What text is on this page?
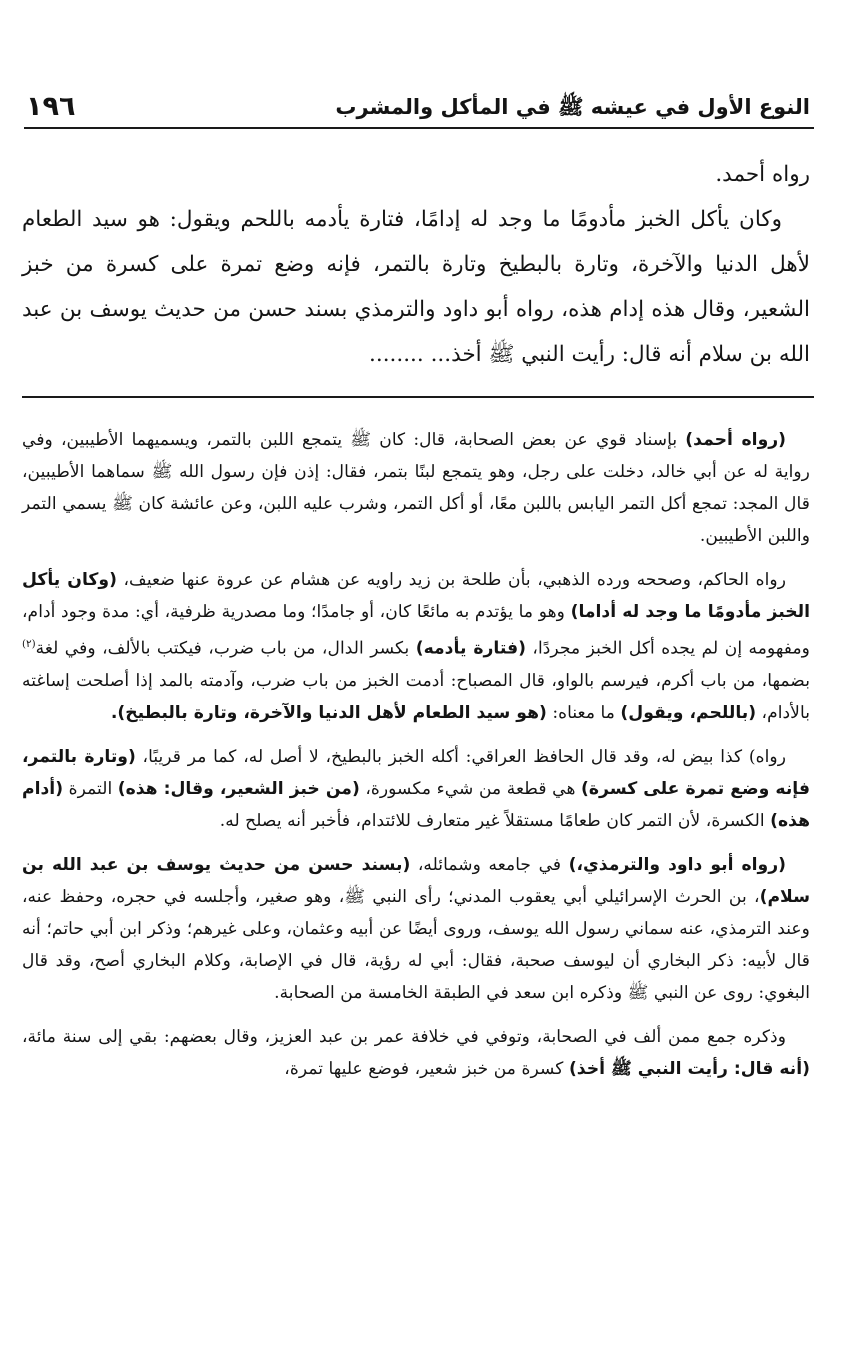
النوع الأول في عيشه ﷺ في المأكل والمشرب
١٩٦

رواه أحمد.

وكان يأكل الخبز مأدومًا ما وجد له إدامًا، فتارة يأدمه باللحم ويقول: هو سيد الطعام لأهل الدنيا والآخرة، وتارة بالبطيخ وتارة بالتمر، فإنه وضع تمرة على كسرة من خبز الشعير، وقال هذه إدام هذه، رواه أبو داود والترمذي بسند حسن من حديث يوسف بن عبد الله بن سلام أنه قال: رأيت النبي ﷺ أخذ... ........

(رواه أحمد) بإسناد قوي عن بعض الصحابة، قال: كان ﷺ يتمجع اللبن بالتمر، ويسميهما الأطيبين، وفي رواية له عن أبي خالد، دخلت على رجل، وهو يتمجع لبنًا بتمر، فقال: إذن فإن رسول الله ﷺ سماهما الأطيبين، قال المجد: تمجع أكل التمر اليابس باللبن معًا، أو أكل التمر، وشرب عليه اللبن، وعن عائشة كان ﷺ يسمي التمر واللبن الأطيبين.

رواه الحاكم، وصححه ورده الذهبي، بأن طلحة بن زيد راويه عن هشام عن عروة عنها ضعيف، (وكان يأكل الخبز مأدومًا ما وجد له أداما) وهو ما يؤتدم به مائعًا كان، أو جامدًا؛ وما مصدرية ظرفية، أي: مدة وجود أدام، ومفهومه إن لم يجده أكل الخبز مجردًا، (فتارة يأدمه) بكسر الدال، من باب ضرب، فيكتب بالألف، وفي لغة$^{(٢)}$ بضمها، من باب أكرم، فيرسم بالواو، قال المصباح: أدمت الخبز من باب ضرب، وآدمته بالمد إذا أصلحت إساغته بالأدام، (باللحم، ويقول) ما معناه: (هو سيد الطعام لأهل الدنيا والآخرة، وتارة بالبطيخ).

رواه) كذا بيض له، وقد قال الحافظ العراقي: أكله الخبز بالبطيخ، لا أصل له، كما مر قريبًا، (وتارة بالتمر، فإنه وضع تمرة على كسرة) هي قطعة من شيء مكسورة، (من خبز الشعير، وقال: هذه) التمرة (أدام هذه) الكسرة، لأن التمر كان طعامًا مستقلاً غير متعارف للائتدام، فأخبر أنه يصلح له.

(رواه أبو داود والترمذي،) في جامعه وشمائله، (بسند حسن من حديث يوسف بن عبد الله بن سلام)، بن الحرث الإسرائيلي أبي يعقوب المدني؛ رأى النبي ﷺ، وهو صغير، وأجلسه في حجره، وحفظ عنه، وعند الترمذي، عنه سماني رسول الله يوسف، وروى أيضًا عن أبيه وعثمان، وعلى غيرهم؛ وذكر ابن أبي حاتم؛ أنه قال لأبيه: ذكر البخاري أن ليوسف صحبة، فقال: أبي له رؤية، قال في الإصابة، وكلام البخاري أصح، وقد قال البغوي: روى عن النبي ﷺ وذكره ابن سعد في الطبقة الخامسة من الصحابة.

وذكره جمع ممن ألف في الصحابة، وتوفي في خلافة عمر بن عبد العزيز، وقال بعضهم: بقي إلى سنة مائة، (أنه قال: رأيت النبي ﷺ أخذ) كسرة من خبز شعير، فوضع عليها تمرة،
